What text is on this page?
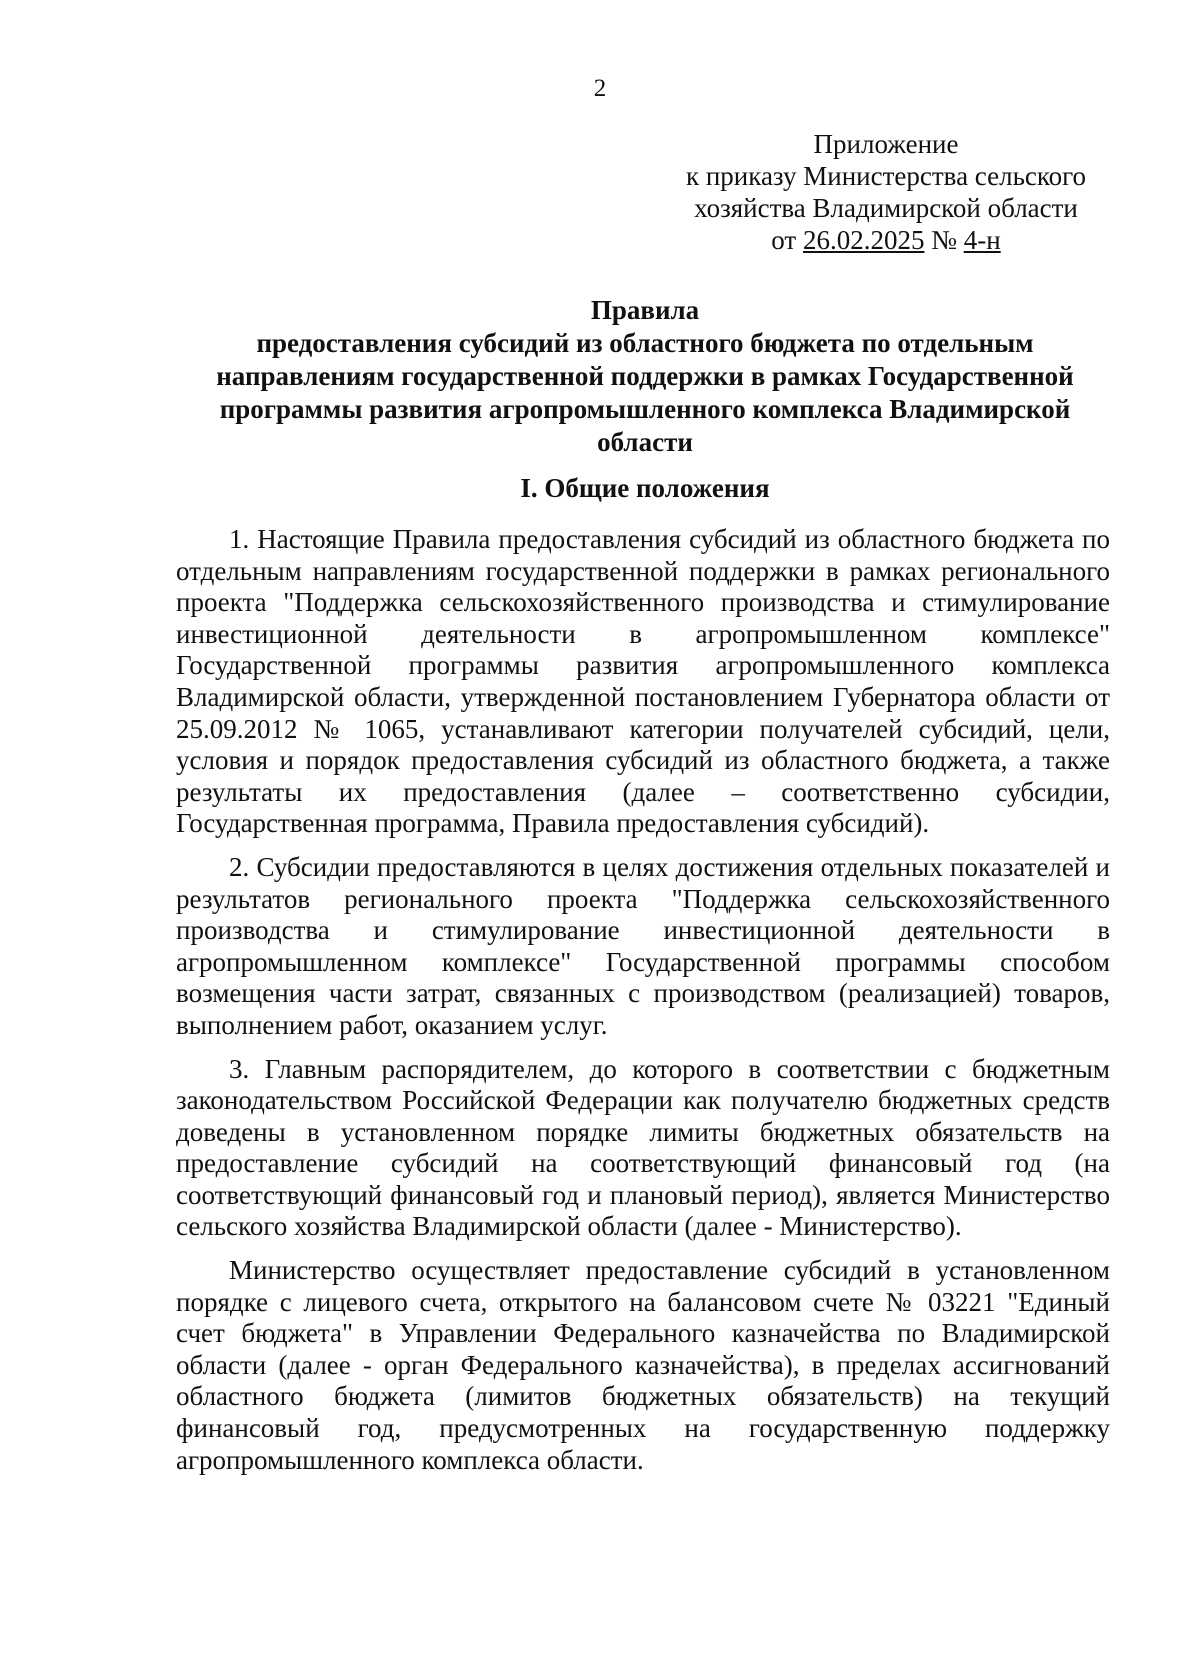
2
Приложение
к приказу Министерства сельского
хозяйства Владимирской области
от 26.02.2025 № 4-н
Правила
предоставления субсидий из областного бюджета по отдельным
направлениям государственной поддержки в рамках Государственной
программы развития агропромышленного комплекса Владимирской
области
I. Общие положения

1. Настоящие Правила предоставления субсидий из областного бюджета по отдельным направлениям государственной поддержки в рамках регионального проекта "Поддержка сельскохозяйственного производства и стимулирование инвестиционной деятельности в агропромышленном комплексе" Государственной программы развития агропромышленного комплекса Владимирской области, утвержденной постановлением Губернатора области от 25.09.2012 № 1065, устанавливают категории получателей субсидий, цели, условия и порядок предоставления субсидий из областного бюджета, а также результаты их предоставления (далее – соответственно субсидии, Государственная программа, Правила предоставления субсидий).

2. Субсидии предоставляются в целях достижения отдельных показателей и результатов регионального проекта "Поддержка сельскохозяйственного производства и стимулирование инвестиционной деятельности в агропромышленном комплексе" Государственной программы способом возмещения части затрат, связанных с производством (реализацией) товаров, выполнением работ, оказанием услуг.

3. Главным распорядителем, до которого в соответствии с бюджетным законодательством Российской Федерации как получателю бюджетных средств доведены в установленном порядке лимиты бюджетных обязательств на предоставление субсидий на соответствующий финансовый год (на соответствующий финансовый год и плановый период), является Министерство сельского хозяйства Владимирской области (далее - Министерство).

Министерство осуществляет предоставление субсидий в установленном порядке с лицевого счета, открытого на балансовом счете № 03221 "Единый счет бюджета" в Управлении Федерального казначейства по Владимирской области (далее - орган Федерального казначейства), в пределах ассигнований областного бюджета (лимитов бюджетных обязательств) на текущий финансовый год, предусмотренных на государственную поддержку агропромышленного комплекса области.
